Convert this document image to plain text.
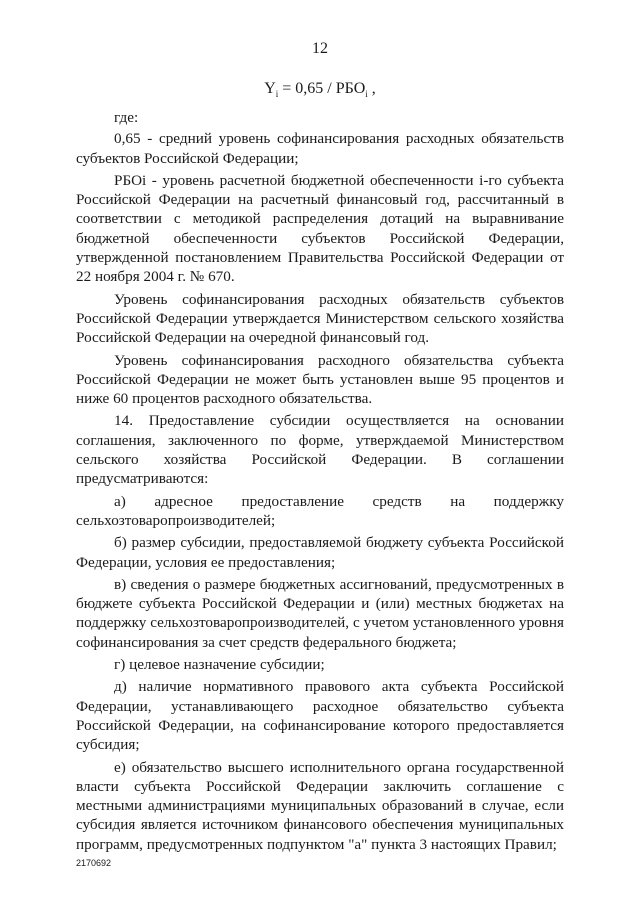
12
$Y_i = 0,65 / РБО_i$ ,

где:

0,65 - средний уровень софинансирования расходных обязательств субъектов Российской Федерации;

РБОi - уровень расчетной бюджетной обеспеченности i-го субъекта Российской Федерации на расчетный финансовый год, рассчитанный в соответствии с методикой распределения дотаций на выравнивание бюджетной обеспеченности субъектов Российской Федерации, утвержденной постановлением Правительства Российской Федерации от 22 ноября 2004 г. № 670.

Уровень софинансирования расходных обязательств субъектов Российской Федерации утверждается Министерством сельского хозяйства Российской Федерации на очередной финансовый год.

Уровень софинансирования расходного обязательства субъекта Российской Федерации не может быть установлен выше 95 процентов и ниже 60 процентов расходного обязательства.

14. Предоставление субсидии осуществляется на основании соглашения, заключенного по форме, утверждаемой Министерством сельского хозяйства Российской Федерации. В соглашении предусматриваются:

а) адресное предоставление средств на поддержку сельхозтоваропроизводителей;

б) размер субсидии, предоставляемой бюджету субъекта Российской Федерации, условия ее предоставления;

в) сведения о размере бюджетных ассигнований, предусмотренных в бюджете субъекта Российской Федерации и (или) местных бюджетах на поддержку сельхозтоваропроизводителей, с учетом установленного уровня софинансирования за счет средств федерального бюджета;

г) целевое назначение субсидии;

д) наличие нормативного правового акта субъекта Российской Федерации, устанавливающего расходное обязательство субъекта Российской Федерации, на софинансирование которого предоставляется субсидия;

е) обязательство высшего исполнительного органа государственной власти субъекта Российской Федерации заключить соглашение с местными администрациями муниципальных образований в случае, если субсидия является источником финансового обеспечения муниципальных программ, предусмотренных подпунктом "а" пункта 3 настоящих Правил;

2170692
